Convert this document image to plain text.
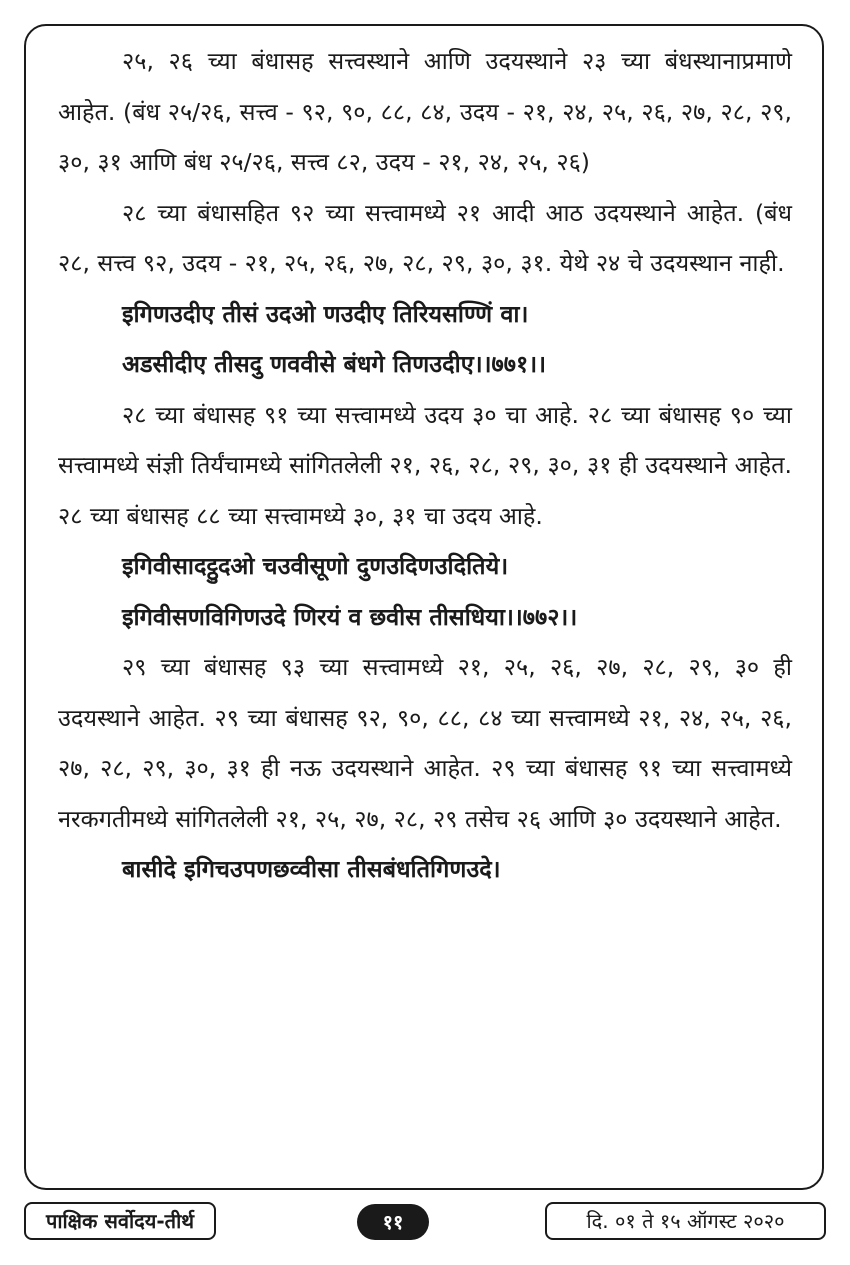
२५, २६ च्या बंधासह सत्त्वस्थाने आणि उदयस्थाने २३ च्या बंधस्थानाप्रमाणे आहेत. (बंध २५/२६, सत्त्व - ९२, ९०, ८८, ८४, उदय - २१, २४, २५, २६, २७, २८, २९, ३०, ३१ आणि बंध २५/२६, सत्त्व ८२, उदय - २१, २४, २५, २६)

२८ च्या बंधासहित ९२ च्या सत्त्वामध्ये २१ आदी आठ उदयस्थाने आहेत. (बंध २८, सत्त्व ९२, उदय - २१, २५, २६, २७, २८, २९, ३०, ३१. येथे २४ चे उदयस्थान नाही.

इगिणउदीए तीसं उदओ णउदीए तिरियसण्णिं वा।

अडसीदीए तीसदु णववीसे बंधगे तिणउदीए।।७७१।।

२८ च्या बंधासह ९१ च्या सत्त्वामध्ये उदय ३० चा आहे. २८ च्या बंधासह ९० च्या सत्त्वामध्ये संज्ञी तिर्यंचामध्ये सांगितलेली २१, २६, २८, २९, ३०, ३१ ही उदयस्थाने आहेत. २८ च्या बंधासह ८८ च्या सत्त्वामध्ये ३०, ३१ चा उदय आहे.

इगिवीसादट्ठुदओ चउवीसूणो दुणउदिणउदितिये।

इगिवीसणविगिणउदे णिरयं व छवीस तीसधिया।।७७२।।

२९ च्या बंधासह ९३ च्या सत्त्वामध्ये २१, २५, २६, २७, २८, २९, ३० ही उदयस्थाने आहेत. २९ च्या बंधासह ९२, ९०, ८८, ८४ च्या सत्त्वामध्ये २१, २४, २५, २६, २७, २८, २९, ३०, ३१ ही नऊ उदयस्थाने आहेत. २९ च्या बंधासह ९१ च्या सत्त्वामध्ये नरकगतीमध्ये सांगितलेली २१, २५, २७, २८, २९ तसेच २६ आणि ३० उदयस्थाने आहेत.

बासीदे इगिचउपणछव्वीसा तीसबंधतिगिणउदे।

पाक्षिक सर्वोदय-तीर्थ	११	दि. ०१ ते १५ ऑगस्ट २०२०
